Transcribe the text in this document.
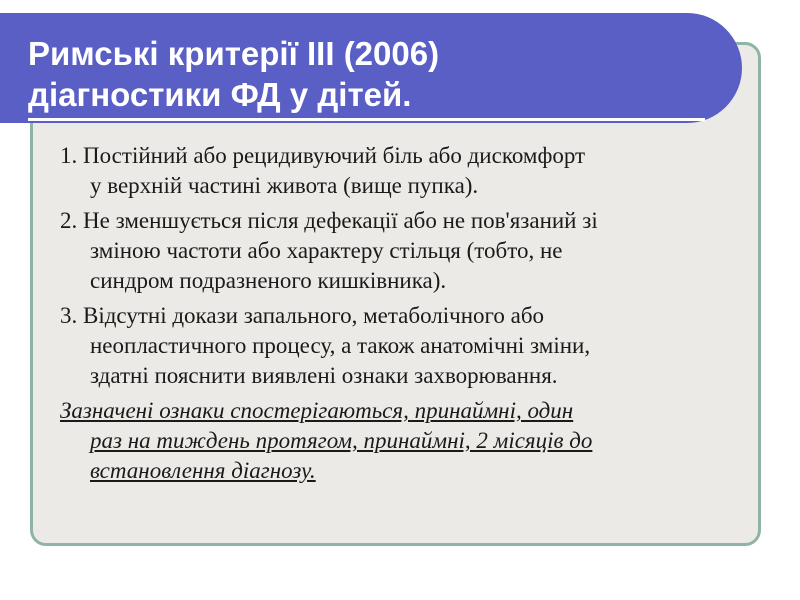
Римські критерії III (2006)
діагностики ФД у дітей.

1. Постійний або рецидивуючий біль або дискомфорт
у верхній частині живота (вище пупка).

2. Не зменшується після дефекації або не пов'язаний зі
зміною частоти або характеру стільця (тобто, не
синдром подразненого кишківника).

3. Відсутні докази запального, метаболічного або
неопластичного процесу, а також анатомічні зміни,
здатні пояснити виявлені ознаки захворювання.

Зазначені ознаки спостерігаються, принаймні, один
раз на тиждень протягом, принаймні, 2 місяців до
встановлення діагнозу.
